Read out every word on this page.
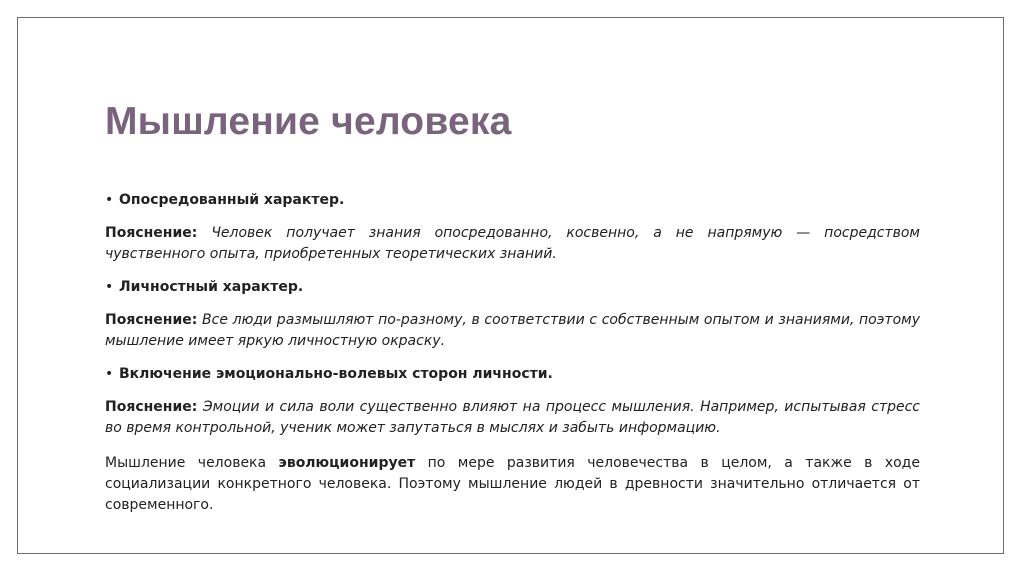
Мышление человека
• Опосредованный характер.

Пояснение: Человек получает знания опосредованно, косвенно, а не напрямую — посредством чувственного опыта, приобретенных теоретических знаний.

• Личностный характер.

Пояснение: Все люди размышляют по-разному, в соответствии с собственным опытом и знаниями, поэтому мышление имеет яркую личностную окраску.

• Включение эмоционально-волевых сторон личности.

Пояснение: Эмоции и сила воли существенно влияют на процесс мышления. Например, испытывая стресс во время контрольной, ученик может запутаться в мыслях и забыть информацию.

Мышление человека эволюционирует по мере развития человечества в целом, а также в ходе социализации конкретного человека. Поэтому мышление людей в древности значительно отличается от современного.
